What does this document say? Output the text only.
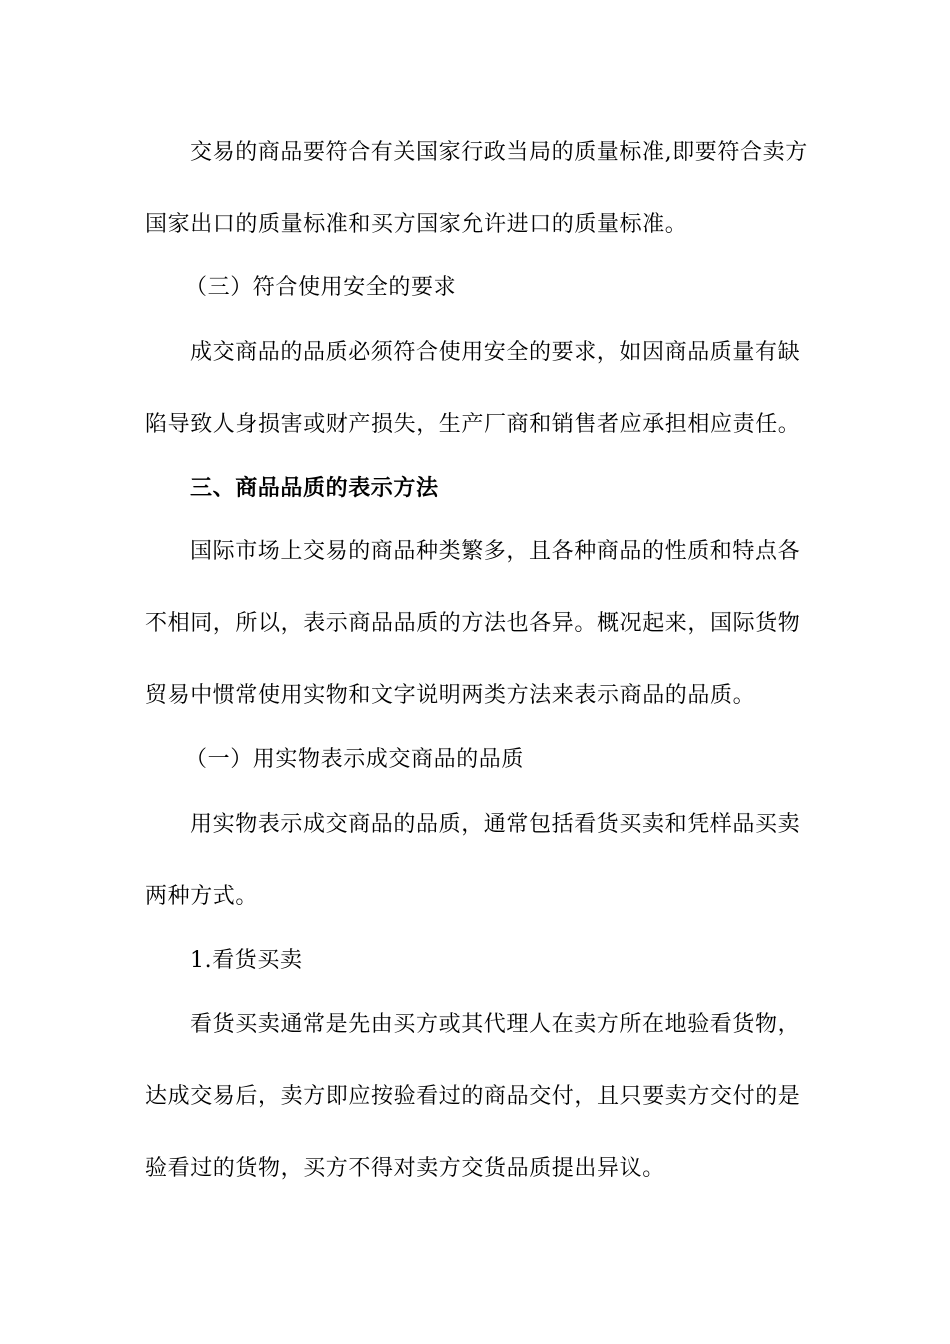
交易的商品要符合有关国家行政当局的质量标准,即要符合卖方
国家出口的质量标准和买方国家允许进口的质量标准。
（三）符合使用安全的要求
成交商品的品质必须符合使用安全的要求，如因商品质量有缺
陷导致人身损害或财产损失，生产厂商和销售者应承担相应责任。
三、商品品质的表示方法
国际市场上交易的商品种类繁多，且各种商品的性质和特点各
不相同，所以，表示商品品质的方法也各异。概况起来，国际货物
贸易中惯常使用实物和文字说明两类方法来表示商品的品质。
（一）用实物表示成交商品的品质
用实物表示成交商品的品质，通常包括看货买卖和凭样品买卖
两种方式。
1.看货买卖
看货买卖通常是先由买方或其代理人在卖方所在地验看货物，
达成交易后，卖方即应按验看过的商品交付，且只要卖方交付的是
验看过的货物，买方不得对卖方交货品质提出异议。
